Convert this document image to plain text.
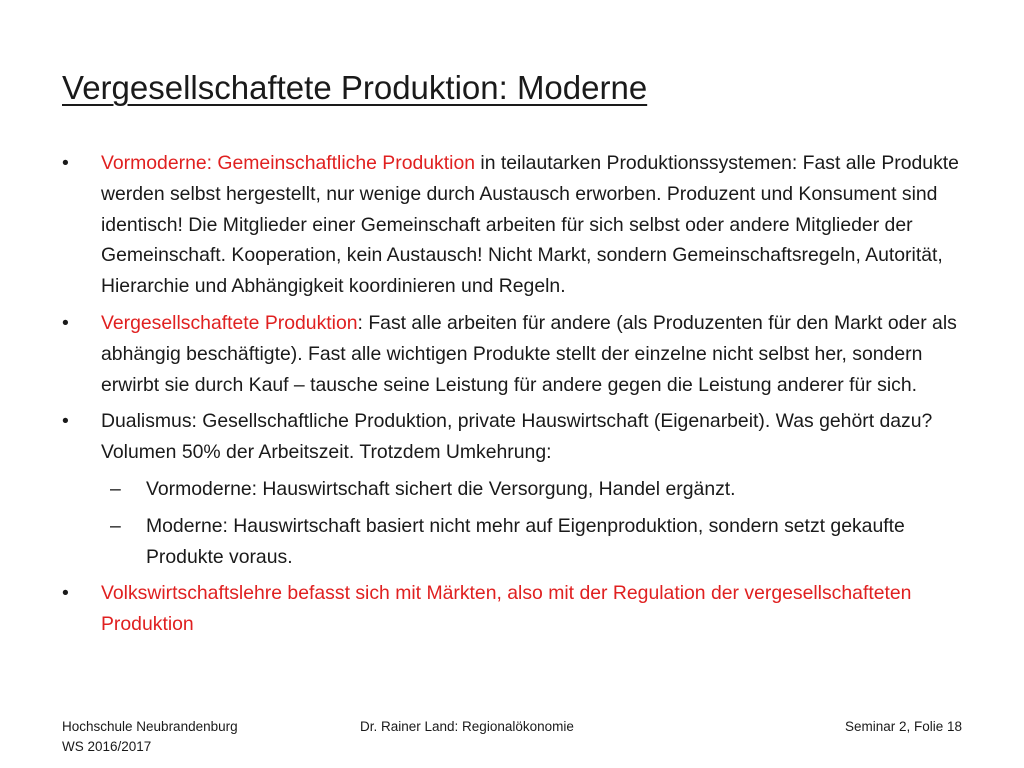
Vergesellschaftete Produktion: Moderne
•	Vormoderne: Gemeinschaftliche Produktion in teilautarken Produktionssystemen: Fast alle Produkte werden selbst hergestellt, nur wenige durch Austausch erworben. Produzent und Konsument sind identisch! Die Mitglieder einer Gemeinschaft arbeiten für sich selbst oder andere Mitglieder der Gemeinschaft. Kooperation, kein Austausch! Nicht Markt, sondern Gemeinschaftsregeln, Autorität, Hierarchie und Abhängigkeit koordinieren und Regeln.
•	Vergesellschaftete Produktion: Fast alle arbeiten für andere (als Produzenten für den Markt oder als abhängig beschäftigte). Fast alle wichtigen Produkte stellt der einzelne nicht selbst her, sondern erwirbt sie durch Kauf – tausche seine Leistung für andere gegen die Leistung anderer für sich.
•	Dualismus: Gesellschaftliche Produktion, private Hauswirtschaft (Eigenarbeit). Was gehört dazu? Volumen 50% der Arbeitszeit. Trotzdem Umkehrung:
– Vormoderne: Hauswirtschaft sichert die Versorgung, Handel ergänzt.
– Moderne: Hauswirtschaft basiert nicht mehr auf Eigenproduktion, sondern setzt gekaufte Produkte voraus.
•	Volkswirtschaftslehre befasst sich mit Märkten, also mit der Regulation der vergesellschafteten Produktion
Hochschule Neubrandenburg
WS 2016/2017
Dr. Rainer Land: Regionalökonomie	Seminar 2, Folie 18
